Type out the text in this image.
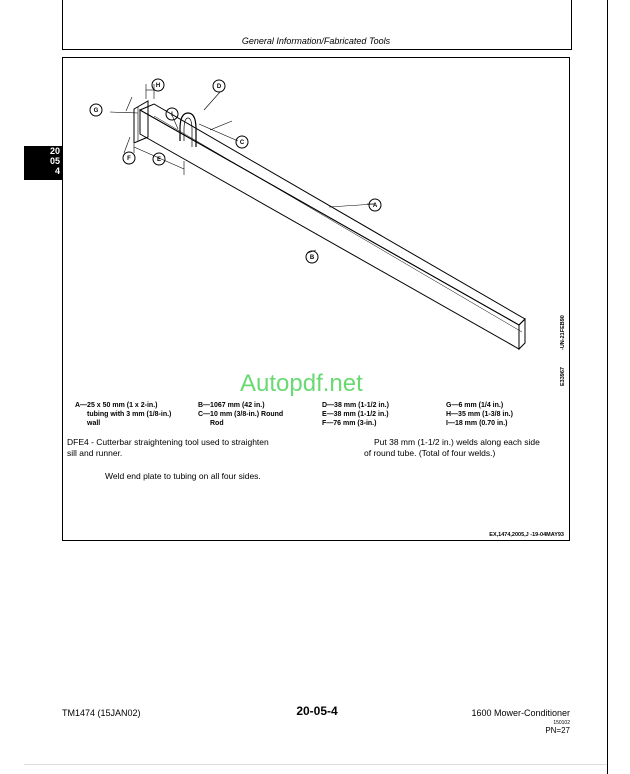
General Information/Fabricated Tools
20
05
4
G
H	D
I
C
F	E
A
B
-UN-21FEB90
E33967
Autopdf.net
A—25 x 50 mm (1 x 2-in.)
tubing with 3 mm (1/8-in.)
wall
B—1067 mm (42 in.)
C—10 mm (3/8-in.) Round
Rod
D—38 mm (1-1/2 in.)
E—38 mm (1-1/2 in.)
F—76 mm (3-in.)
G—6 mm (1/4 in.)
H—35 mm (1-3/8 in.)
I—18 mm (0.70 in.)
DFE4 - Cutterbar straightening tool used to straighten
sill and runner.
Put 38 mm (1-1/2 in.) welds along each side
of round tube. (Total of four welds.)
Weld end plate to tubing on all four sides.
EX,1474,2005,J -19-04MAY93
TM1474 (15JAN02)	20-05-4	1600 Mower-Conditioner
150102
PN=27
